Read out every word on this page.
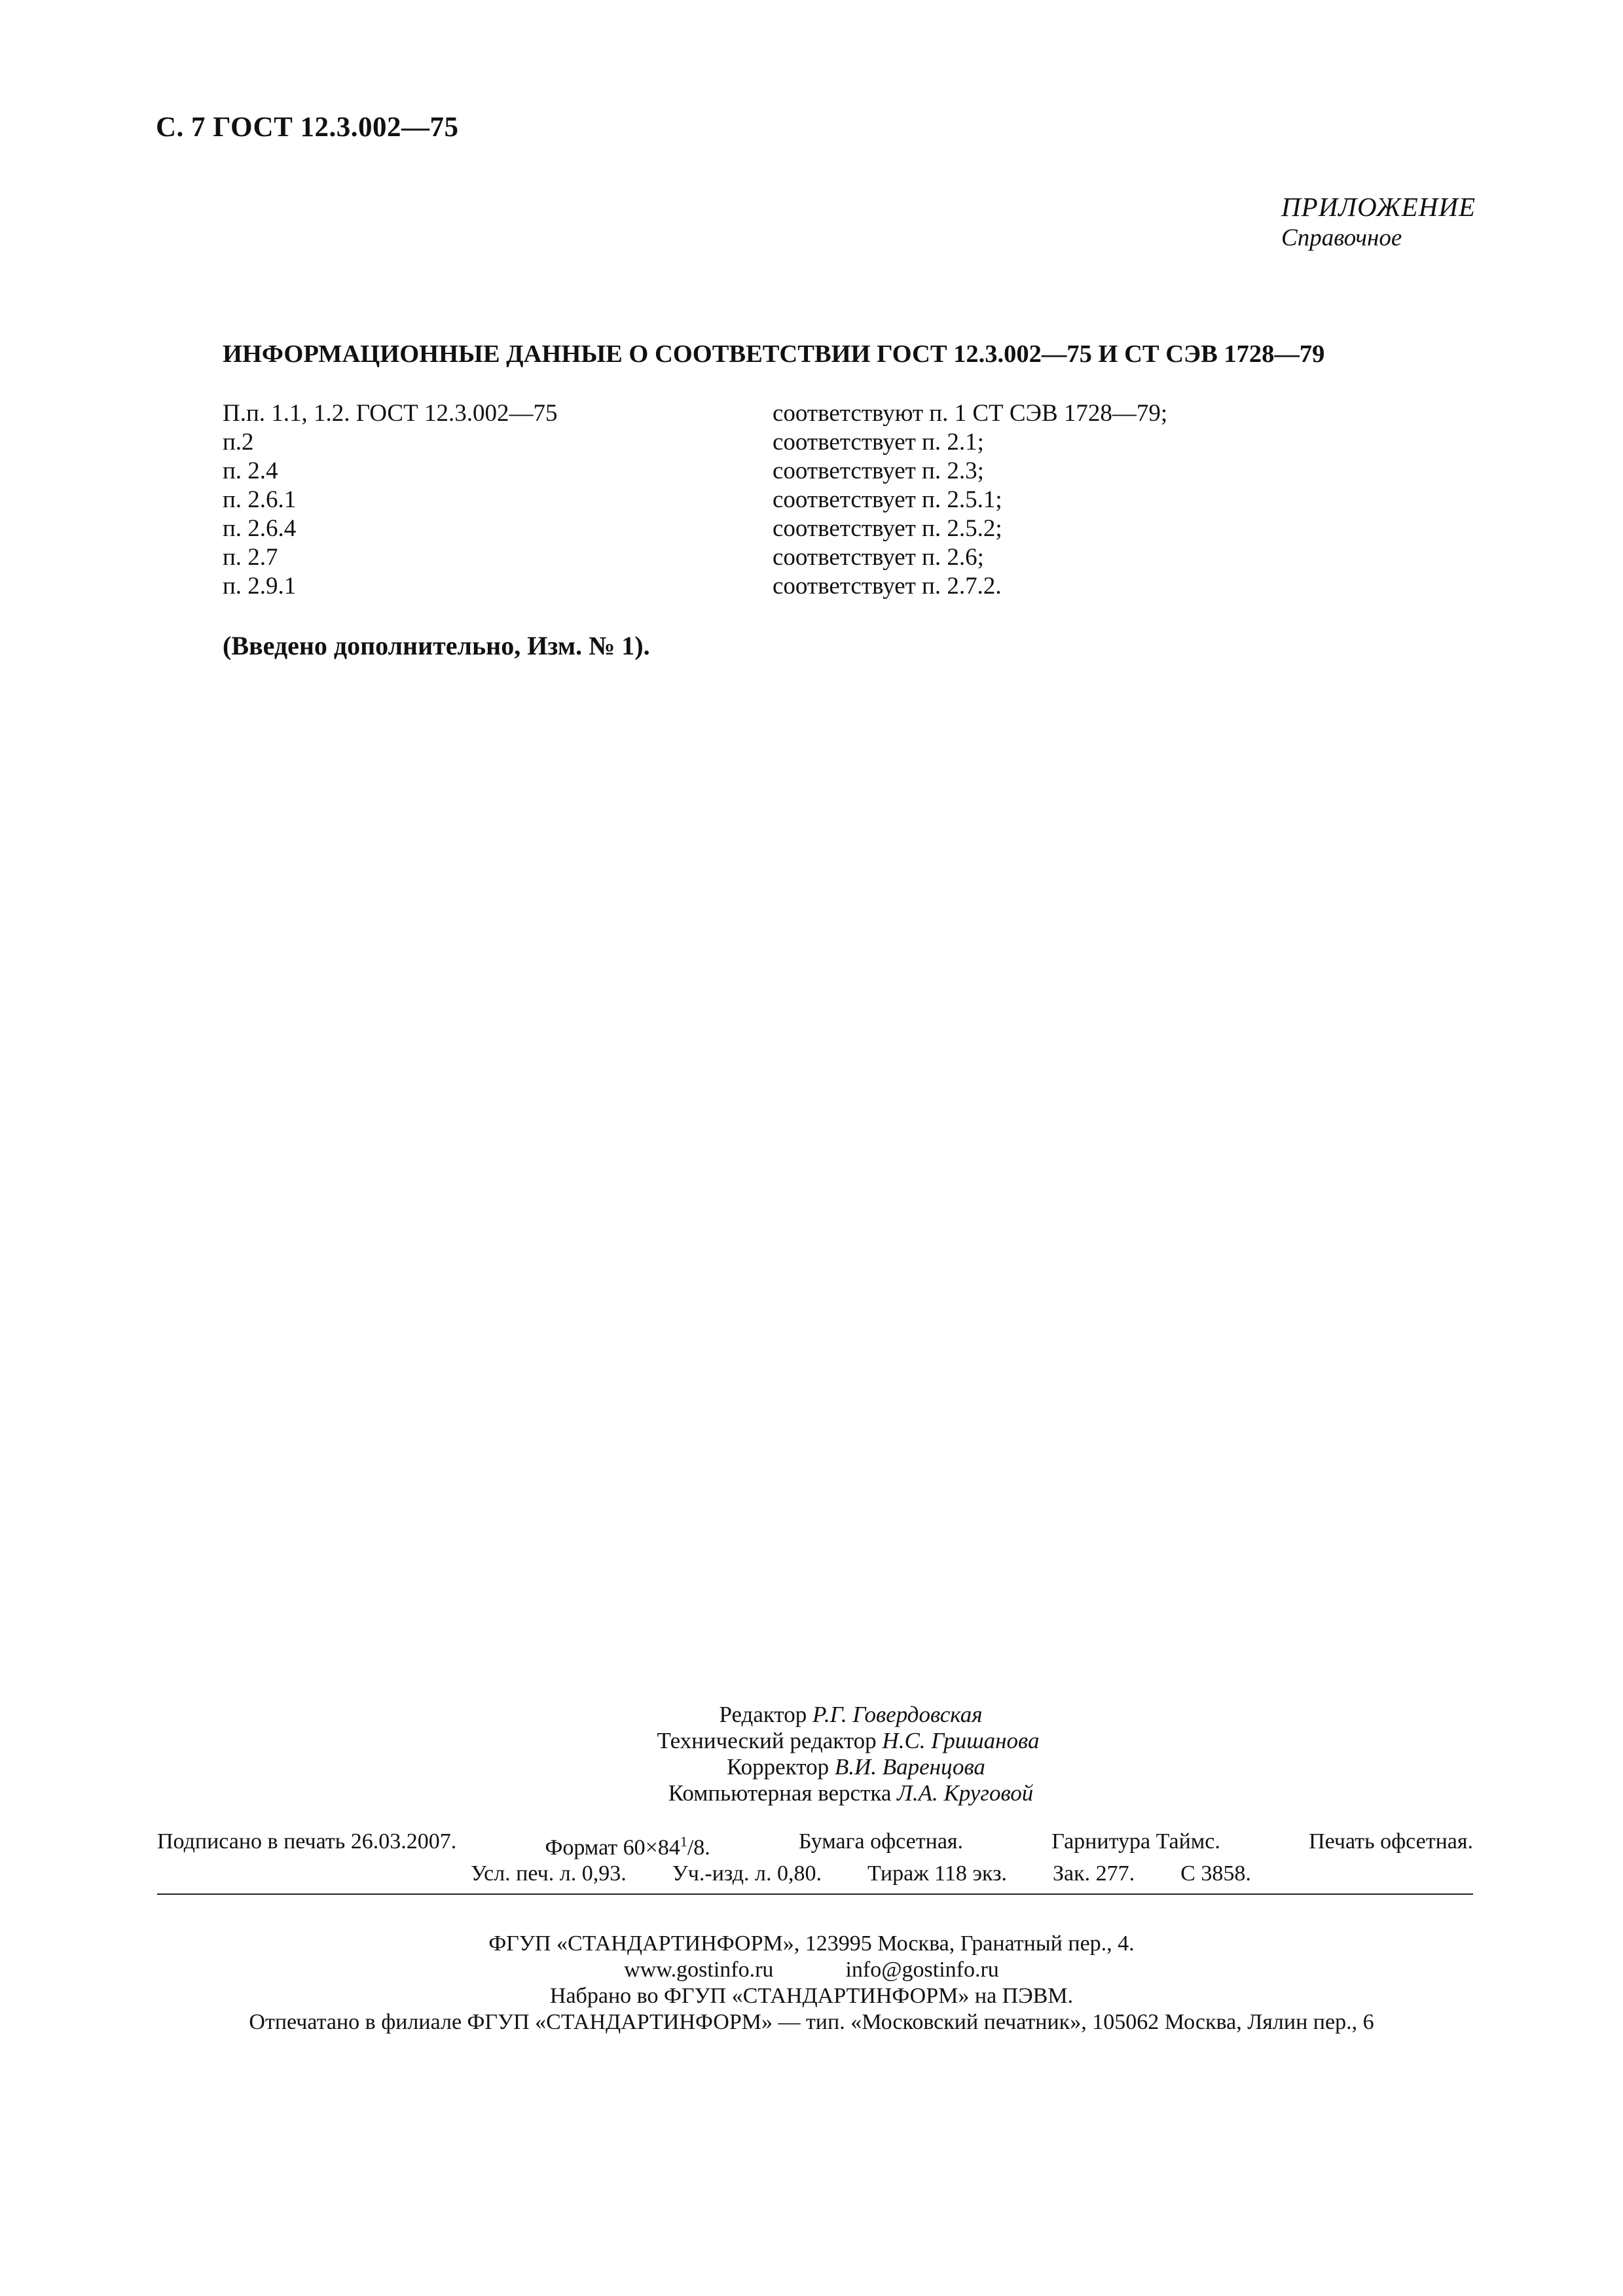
С. 7 ГОСТ 12.3.002—75
ПРИЛОЖЕНИЕ
Справочное
ИНФОРМАЦИОННЫЕ ДАННЫЕ О СООТВЕТСТВИИ ГОСТ 12.3.002—75 И СТ СЭВ 1728—79
П.п. 1.1, 1.2. ГОСТ 12.3.002—75	соответствуют п. 1 СТ СЭВ 1728—79;
п.2	соответствует п. 2.1;
п. 2.4	соответствует п. 2.3;
п. 2.6.1	соответствует п. 2.5.1;
п. 2.6.4	соответствует п. 2.5.2;
п. 2.7	соответствует п. 2.6;
п. 2.9.1	соответствует п. 2.7.2.
(Введено дополнительно, Изм. № 1).
Редактор Р.Г. Говердовская
Технический редактор Н.С. Гришанова
Корректор В.И. Варенцова
Компьютерная верстка Л.А. Круговой
Подписано в печать 26.03.2007.	Формат $60\times 84^1/8$.	Бумага офсетная.	Гарнитура Таймс.	Печать офсетная.
Усл. печ. л. 0,93. Уч.-изд. л. 0,80. Тираж 118 экз. Зак. 277. С 3858.
ФГУП «СТАНДАРТИНФОРМ», 123995 Москва, Гранатный пер., 4.
www.gostinfo.ru	info@gostinfo.ru
Набрано во ФГУП «СТАНДАРТИНФОРМ» на ПЭВМ.
Отпечатано в филиале ФГУП «СТАНДАРТИНФОРМ» — тип. «Московский печатник», 105062 Москва, Лялин пер., 6
